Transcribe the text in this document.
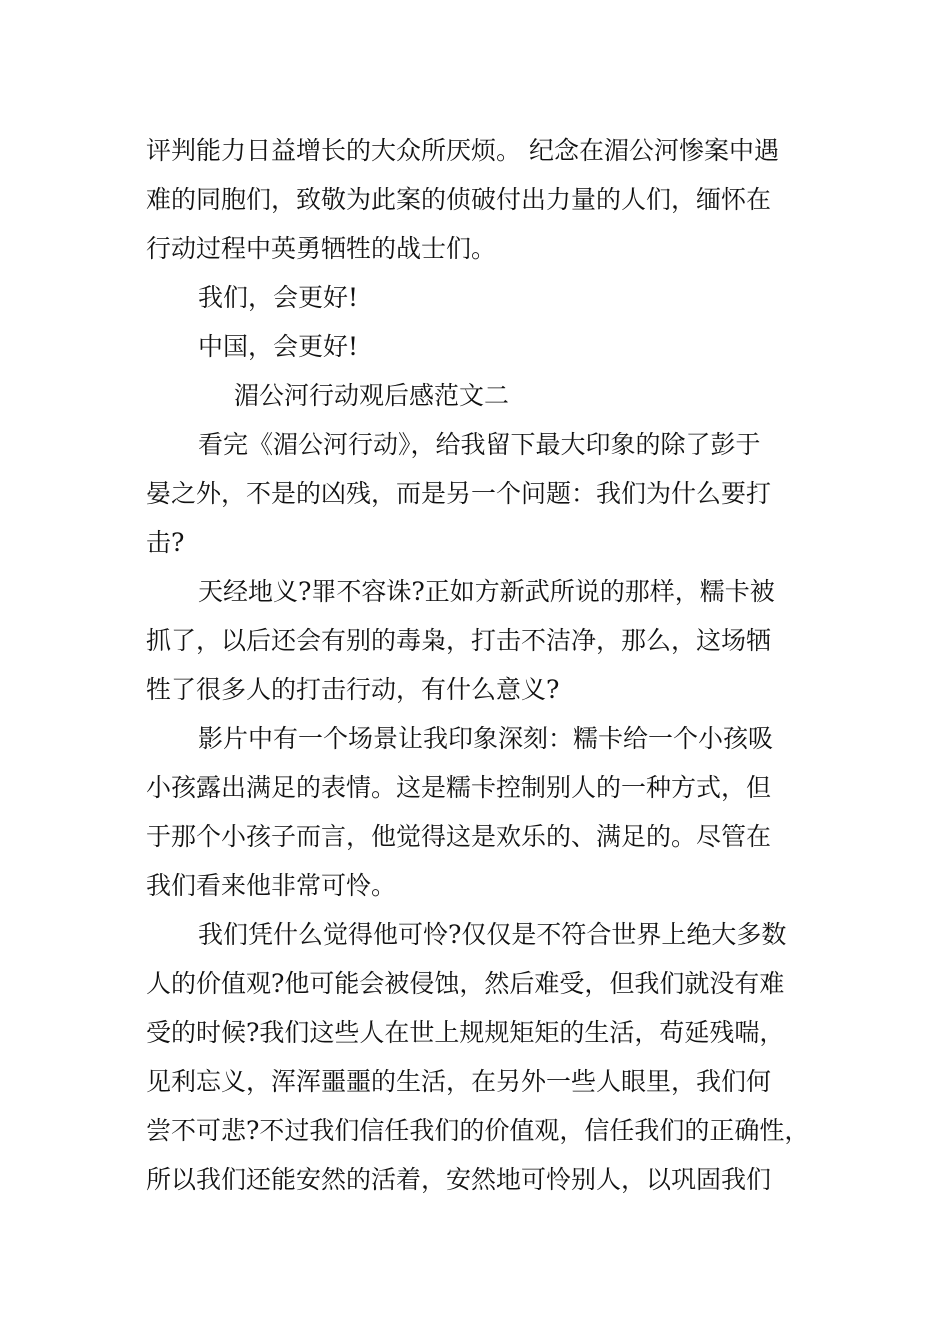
评判能力日益增长的大众所厌烦。 纪念在湄公河惨案中遇
难的同胞们，致敬为此案的侦破付出力量的人们，缅怀在
行动过程中英勇牺牲的战士们。
我们，会更好!
中国，会更好!
湄公河行动观后感范文二
看完《湄公河行动》，给我留下最大印象的除了彭于
晏之外，不是的凶残，而是另一个问题：我们为什么要打
击?
天经地义?罪不容诛?正如方新武所说的那样，糯卡被
抓了，以后还会有别的毒枭，打击不洁净，那么，这场牺
牲了很多人的打击行动，有什么意义?
影片中有一个场景让我印象深刻：糯卡给一个小孩吸
小孩露出满足的表情。这是糯卡控制别人的一种方式，但
于那个小孩子而言，他觉得这是欢乐的、满足的。尽管在
我们看来他非常可怜。
我们凭什么觉得他可怜?仅仅是不符合世界上绝大多数
人的价值观?他可能会被侵蚀，然后难受，但我们就没有难
受的时候?我们这些人在世上规规矩矩的生活，苟延残喘，
见利忘义，浑浑噩噩的生活，在另外一些人眼里，我们何
尝不可悲?不过我们信任我们的价值观，信任我们的正确性，
所以我们还能安然的活着，安然地可怜别人，以巩固我们
